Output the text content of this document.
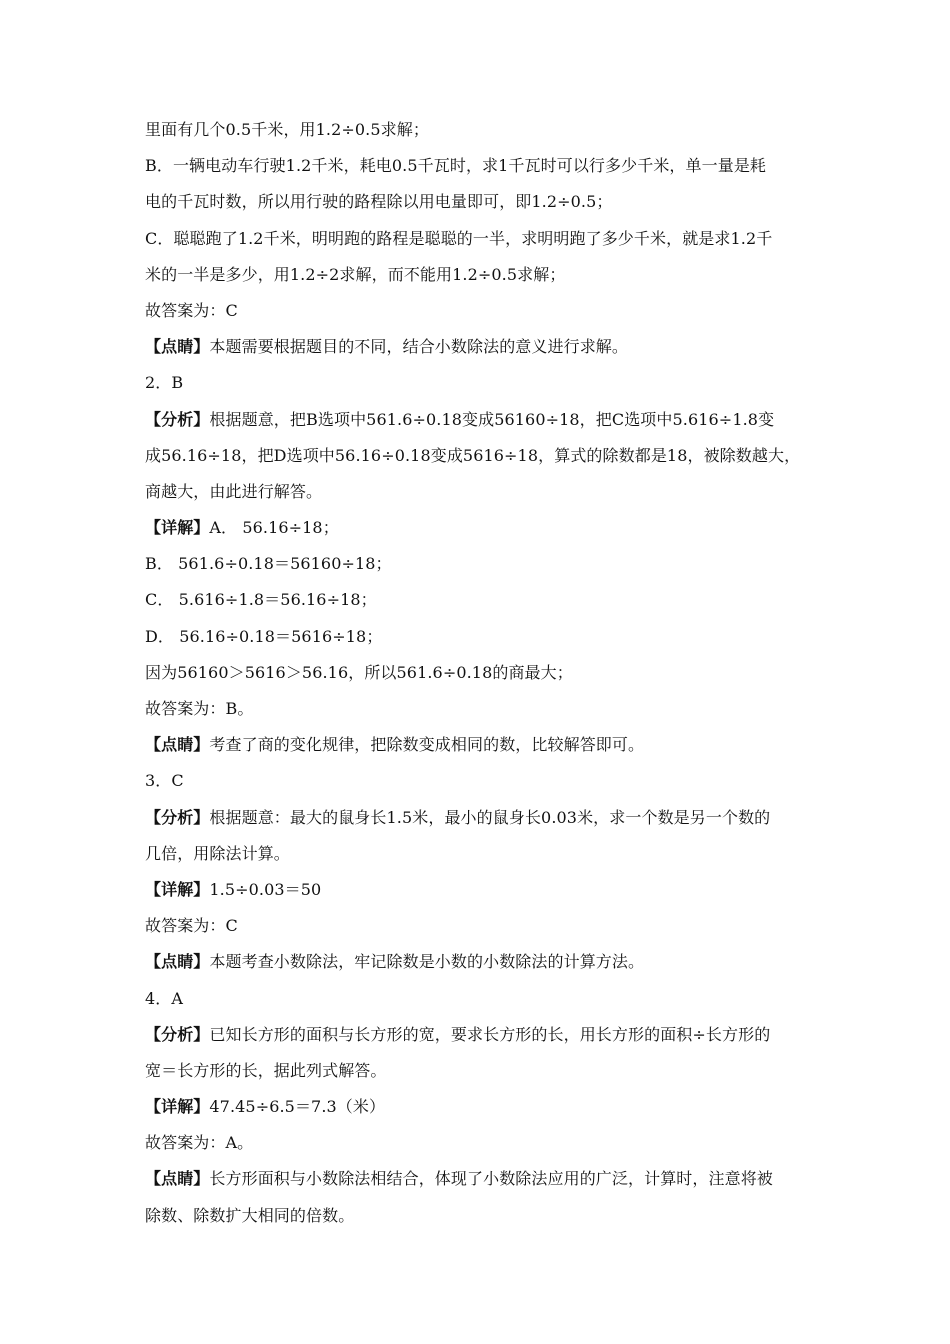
里面有几个0.5千米，用1.2÷0.5求解；
B．一辆电动车行驶1.2千米，耗电0.5千瓦时，求1千瓦时可以行多少千米，单一量是耗
电的千瓦时数，所以用行驶的路程除以用电量即可，即1.2÷0.5；
C．聪聪跑了1.2千米，明明跑的路程是聪聪的一半，求明明跑了多少千米，就是求1.2千
米的一半是多少，用1.2÷2求解，而不能用1.2÷0.5求解；
故答案为：C
【点睛】本题需要根据题目的不同，结合小数除法的意义进行求解。
2．B
【分析】根据题意，把B选项中561.6÷0.18变成56160÷18，把C选项中5.616÷1.8变
成56.16÷18，把D选项中56.16÷0.18变成5616÷18，算式的除数都是18，被除数越大，
商越大，由此进行解答。
【详解】A． 56.16÷18；
B． 561.6÷0.18＝56160÷18；
C． 5.616÷1.8＝56.16÷18；
D． 56.16÷0.18＝5616÷18；
因为56160＞5616＞56.16，所以561.6÷0.18的商最大；
故答案为：B。
【点睛】考查了商的变化规律，把除数变成相同的数，比较解答即可。
3．C
【分析】根据题意：最大的鼠身长1.5米，最小的鼠身长0.03米，求一个数是另一个数的
几倍，用除法计算。
【详解】1.5÷0.03＝50
故答案为：C
【点睛】本题考查小数除法，牢记除数是小数的小数除法的计算方法。
4．A
【分析】已知长方形的面积与长方形的宽，要求长方形的长，用长方形的面积÷长方形的
宽＝长方形的长，据此列式解答。
【详解】47.45÷6.5＝7.3（米）
故答案为：A。
【点睛】长方形面积与小数除法相结合，体现了小数除法应用的广泛，计算时，注意将被
除数、除数扩大相同的倍数。
